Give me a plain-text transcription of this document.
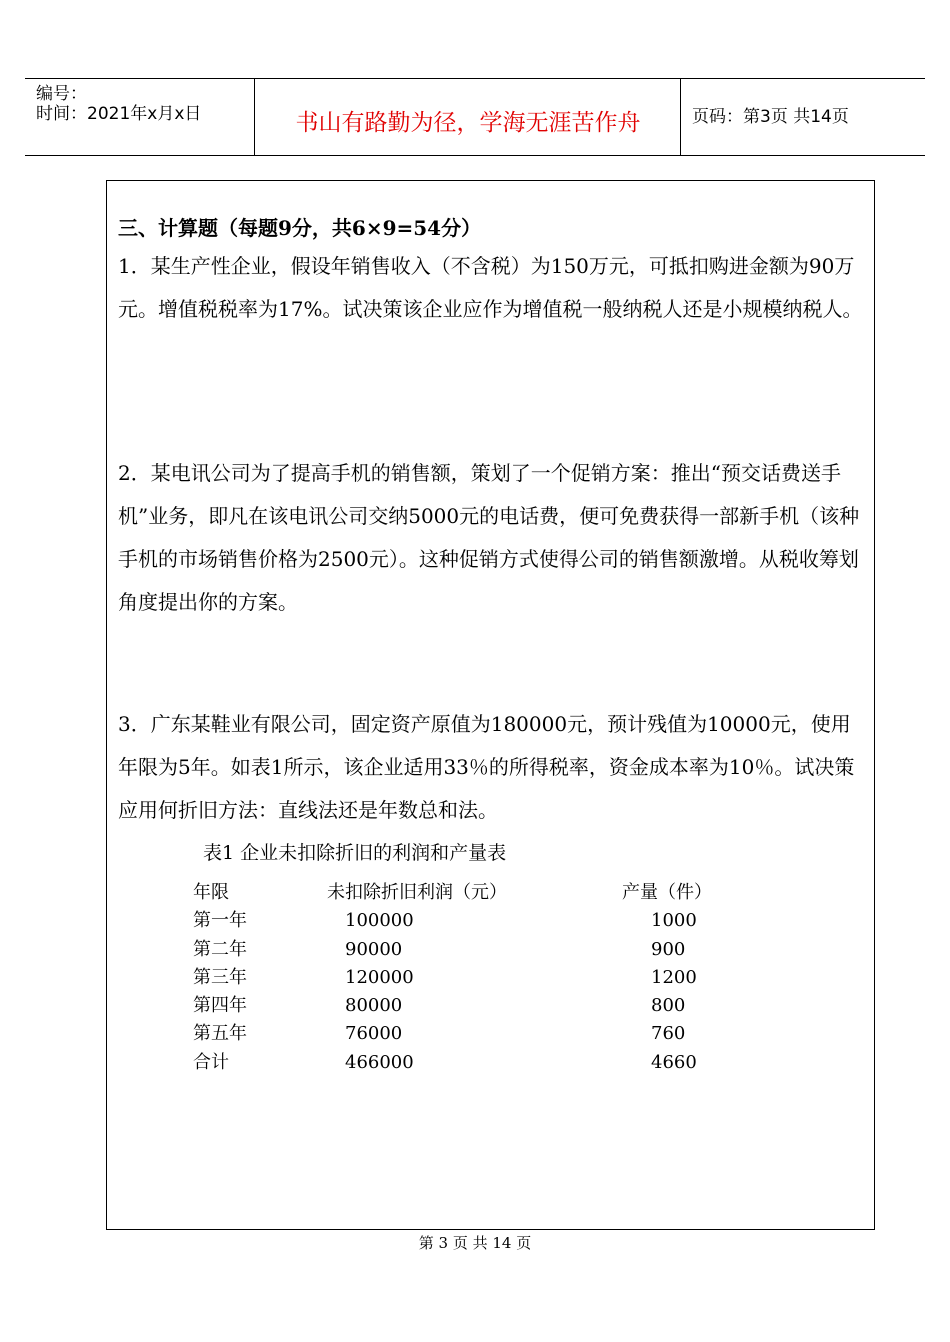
编号：
时间：2021年x月x日	书山有路勤为径，学海无涯苦作舟	页码：第3页 共14页
三、计算题（每题9分，共6×9=54分）
1．某生产性企业，假设年销售收入（不含税）为150万元，可抵扣购进金额为90万元。增值税税率为17%。试决策该企业应作为增值税一般纳税人还是小规模纳税人。
2．某电讯公司为了提高手机的销售额，策划了一个促销方案：推出“预交话费送手机”业务，即凡在该电讯公司交纳5000元的电话费，便可免费获得一部新手机（该种手机的市场销售价格为2500元）。这种促销方式使得公司的销售额激增。从税收筹划角度提出你的方案。
3．广东某鞋业有限公司，固定资产原值为180000元，预计残值为10000元，使用年限为5年。如表1所示，该企业适用33％的所得税率，资金成本率为10％。试决策应用何折旧方法：直线法还是年数总和法。
表1 企业未扣除折旧的利润和产量表
年限	未扣除折旧利润（元）	产量（件）
第一年	100000	1000
第二年	90000	900
第三年	120000	1200
第四年	80000	800
第五年	76000	760
合计	466000	4660
第 3 页 共 14 页
